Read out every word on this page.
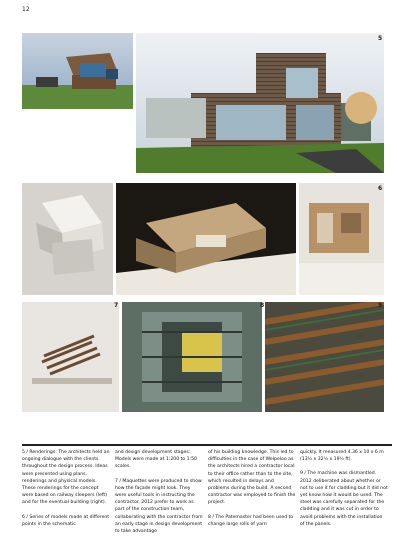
12
5
6
7	8	9

5 / Renderings: The architects held an ongoing dialogue with the clients throughout the design process. Ideas were presented using plans, renderings and physical models. These renderings for the concept were based on railway sleepers (left) and for the eventual building (right).

6 / Series of models made at different points in the schematic

and design development stages: Models were made at 1:200 to 1:50 scales.

7 / Maquettes were produced to show how the façade might look. They were useful tools in instructing the contractor. 2012 prefer to work as part of the construction team, collaborating with the contractor from an early stage in design development to take advantage

of his building knowledge. This led to difficulties in the case of Welpeloo as the architects hired a contractor local to their office rather than to the site, which resulted in delays and problems during the build. A second contractor was employed to finish the project.

8 / The Patemaster had been used to change large rolls of yarn

quickly. It measured 4.36 x 10 x 6 m (13½ x 32½ x 19½ ft).

9 / The machine was dismantled. 2012 deliberated about whether or not to use it for cladding but it did not yet know how it would be used. The steel was carefully separated for the cladding and it was cut in order to avoid problems with the installation of the panels.
